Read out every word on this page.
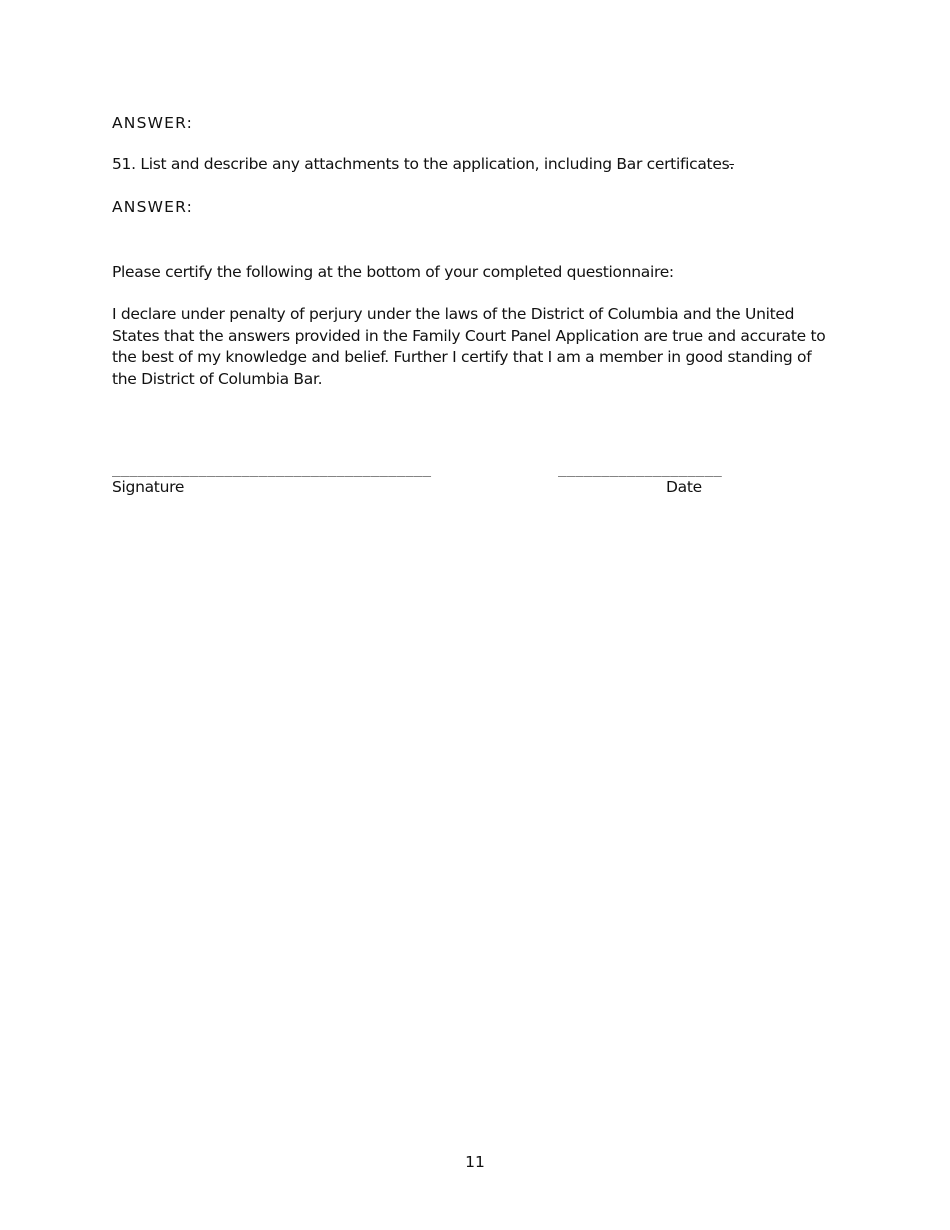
ANSWER:
51. List and describe any attachments to the application, including Bar certificates.
ANSWER:
Please certify the following at the bottom of your completed questionnaire:
I declare under penalty of perjury under the laws of the District of Columbia and the United
States that the answers provided in the Family Court Panel Application are true and accurate to
the best of my knowledge and belief. Further I certify that I am a member in good standing of
the District of Columbia Bar.
_____________________________________	___________________
Signature	Date
11
